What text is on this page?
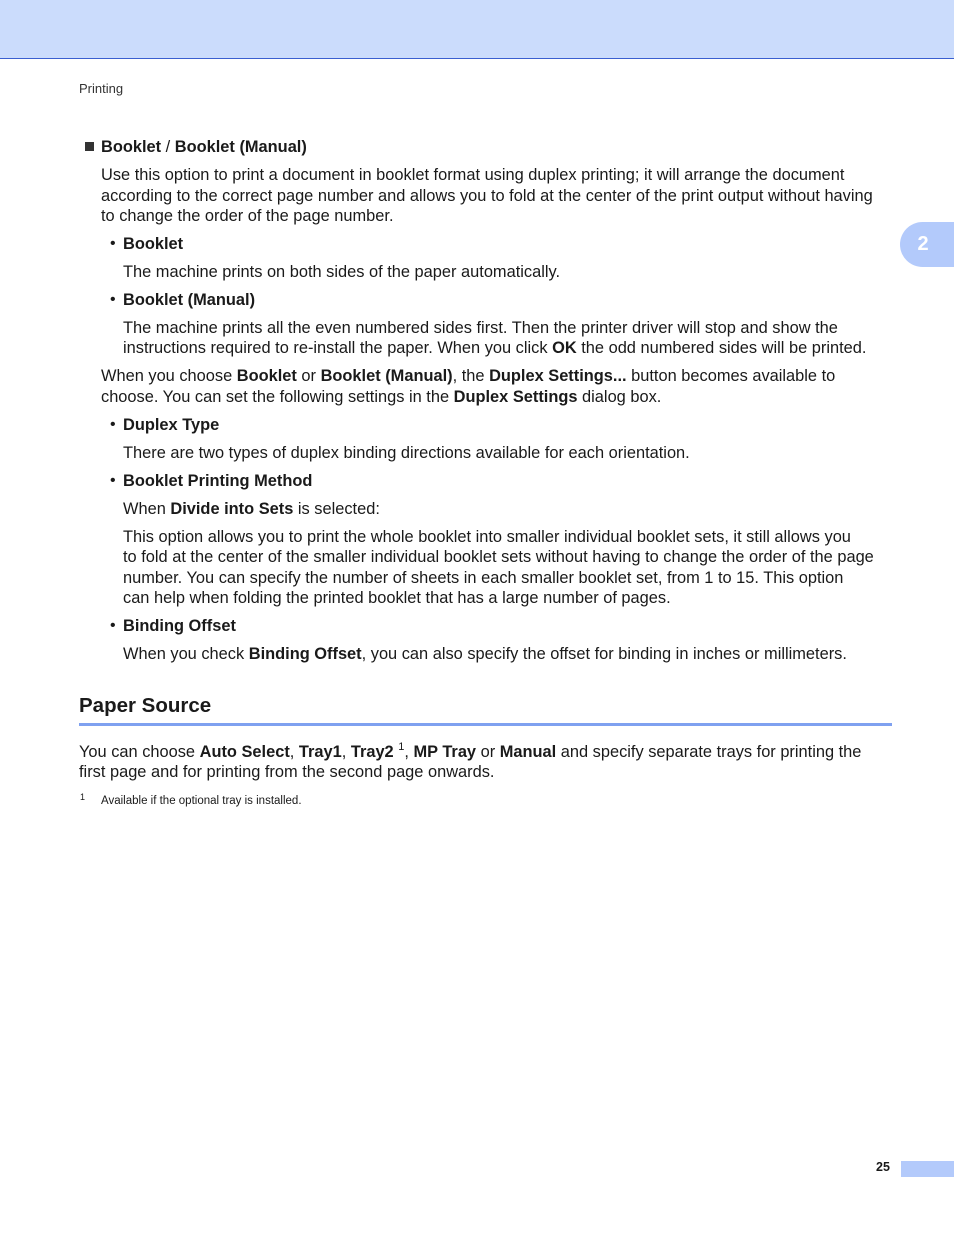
Printing
2

Booklet / Booklet (Manual)

Use this option to print a document in booklet format using duplex printing; it will arrange the document

according to the correct page number and allows you to fold at the center of the print output without having

to change the order of the page number.

• Booklet

The machine prints on both sides of the paper automatically.

• Booklet (Manual)

The machine prints all the even numbered sides first. Then the printer driver will stop and show the

instructions required to re-install the paper. When you click OK the odd numbered sides will be printed.

When you choose Booklet or Booklet (Manual), the Duplex Settings... button becomes available to

choose. You can set the following settings in the Duplex Settings dialog box.

• Duplex Type

There are two types of duplex binding directions available for each orientation.

• Booklet Printing Method

When Divide into Sets is selected:

This option allows you to print the whole booklet into smaller individual booklet sets, it still allows you

to fold at the center of the smaller individual booklet sets without having to change the order of the page

number. You can specify the number of sheets in each smaller booklet set, from 1 to 15. This option

can help when folding the printed booklet that has a large number of pages.

• Binding Offset

When you check Binding Offset, you can also specify the offset for binding in inches or millimeters.

Paper Source

You can choose Auto Select, Tray1, Tray2 $^1$, MP Tray or Manual and specify separate trays for printing the

first page and for printing from the second page onwards.

1 Available if the optional tray is installed.
25
